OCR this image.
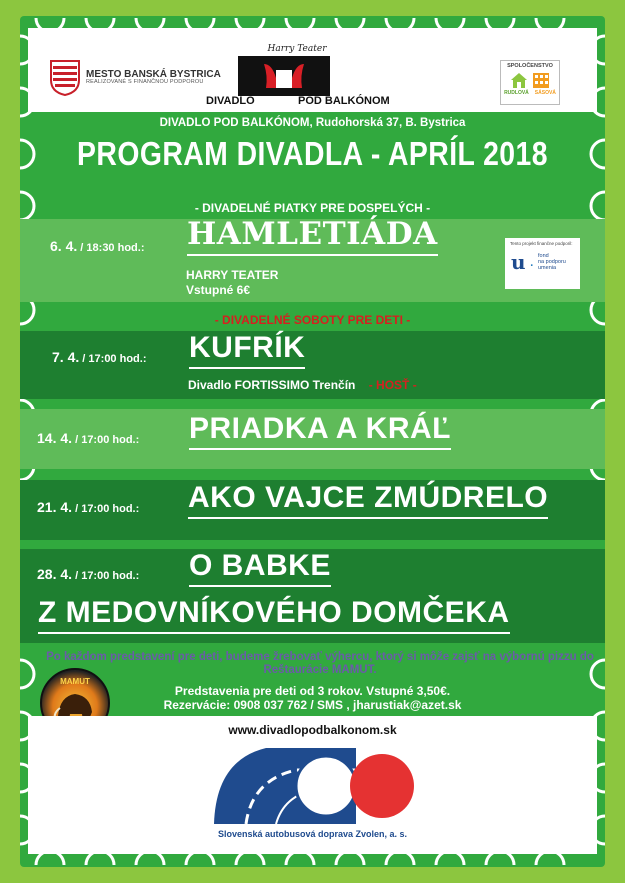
MESTO BANSKÁ BYSTRICA
REALIZOVANÉ S FINANČNOU PODPOROU
Harry Teater
DIVADLO	POD BALKÓNOM
SPOLOČENSTVO
RUDLOVÁ SÁSOVÁ
DIVADLO POD BALKÓNOM, Rudohorská 37, B. Bystrica
PROGRAM DIVADLA - APRÍL 2018
- DIVADELNÉ PIATKY PRE DOSPELÝCH -
6. 4. / 18:30 hod.: HAMLETIÁDA
HARRY TEATER
Vstupné 6€
Tento projekt finančne podporil:
u . fond
na podporu
umenia
- DIVADELNÉ SOBOTY PRE DETI -
7. 4. / 17:00 hod.: KUFRÍK
Divadlo FORTISSIMO Trenčín - HOSŤ -
14. 4. / 17:00 hod.: PRIADKA A KRÁĽ
21. 4. / 17:00 hod.: AKO VAJCE ZMÚDRELO
28. 4. / 17:00 hod.: O BABKE
Z MEDOVNÍKOVÉHO DOMČEKA
Po každom predstavení pre deti, budeme žrebovať výhercu, ktorý si môže zajsť na výbornú pizzu do Reštaurácie MAMUT.
MAMUT
Predstavenia pre deti od 3 rokov. Vstupné 3,50€.
Rezervácie: 0908 037 762 / SMS , jharustiak@azet.sk
www.divadlopodbalkonom.sk
Slovenská autobusová doprava Zvolen, a. s.
